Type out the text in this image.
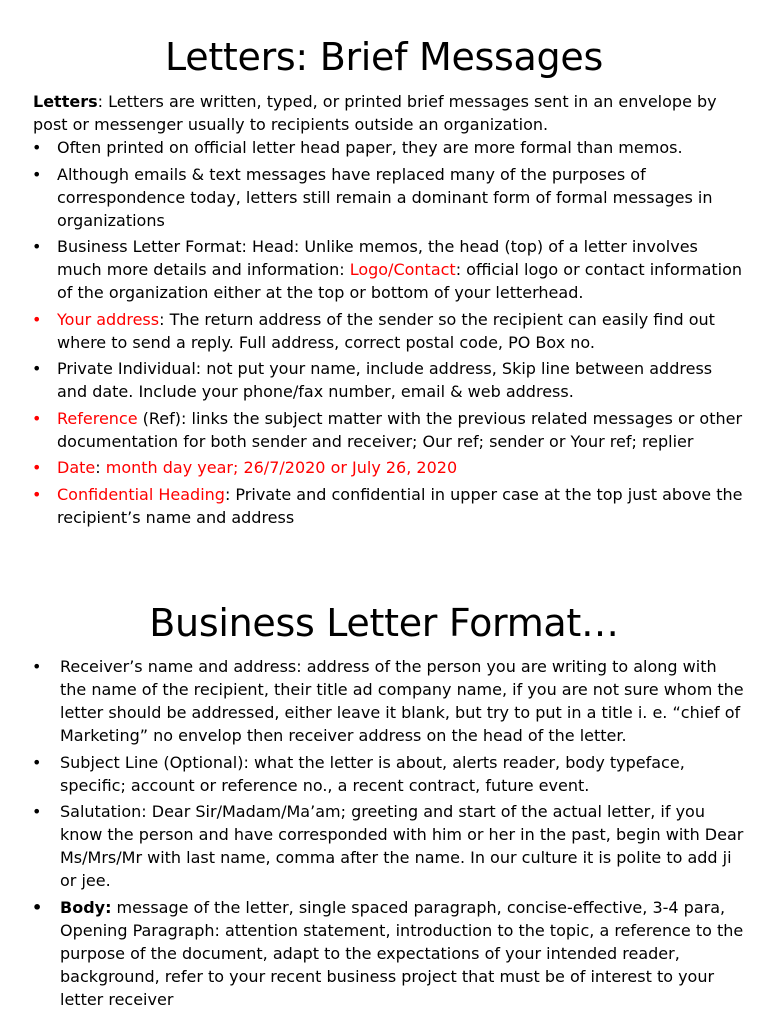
Letters: Brief Messages

Letters: Letters are written, typed, or printed brief messages sent in an envelope by post or messenger usually to recipients outside an organization.

• Often printed on official letter head paper, they are more formal than memos.
• Although emails & text messages have replaced many of the purposes of correspondence today, letters still remain a dominant form of formal messages in organizations
• Business Letter Format: Head: Unlike memos, the head (top) of a letter involves much more details and information: Logo/Contact: official logo or contact information of the organization either at the top or bottom of your letterhead.
• Your address: The return address of the sender so the recipient can easily find out where to send a reply. Full address, correct postal code, PO Box no.
• Private Individual: not put your name, include address, Skip line between address and date. Include your phone/fax number, email & web address.
• Reference (Ref): links the subject matter with the previous related messages or other documentation for both sender and receiver; Our ref; sender or Your ref; replier
• Date: month day year; 26/7/2020 or July 26, 2020
• Confidential Heading: Private and confidential in upper case at the top just above the recipient’s name and address
Business Letter Format…
• Receiver’s name and address: address of the person you are writing to along with the name of the recipient, their title ad company name, if you are not sure whom the letter should be addressed, either leave it blank, but try to put in a title i. e. “chief of Marketing” no envelop then receiver address on the head of the letter.
• Subject Line (Optional): what the letter is about, alerts reader, body typeface, specific; account or reference no., a recent contract, future event.
• Salutation: Dear Sir/Madam/Ma’am; greeting and start of the actual letter, if you know the person and have corresponded with him or her in the past, begin with Dear Ms/Mrs/Mr with last name, comma after the name. In our culture it is polite to add ji or jee.
• Body: message of the letter, single spaced paragraph, concise-effective, 3-4 para, Opening Paragraph: attention statement, introduction to the topic, a reference to the purpose of the document, adapt to the expectations of your intended reader, background, refer to your recent business project that must be of interest to your letter receiver
